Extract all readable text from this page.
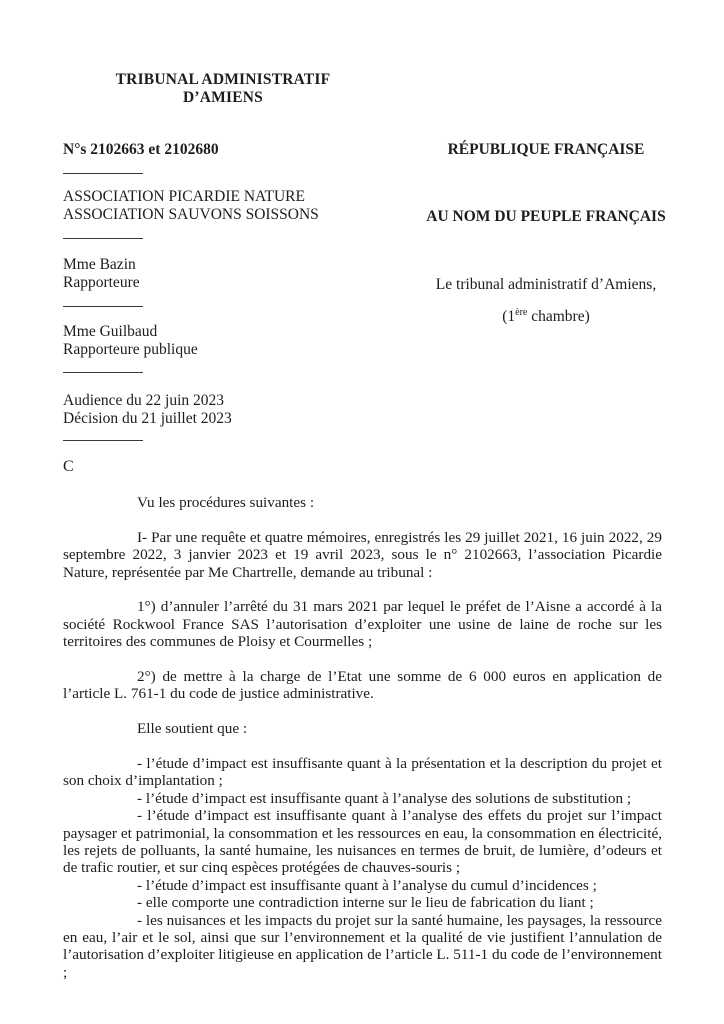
TRIBUNAL ADMINISTRATIF
D’AMIENS
N°s 2102663 et 2102680
ASSOCIATION PICARDIE NATURE
ASSOCIATION SAUVONS SOISSONS
Mme Bazin
Rapporteure
Mme Guilbaud
Rapporteure publique
Audience du 22 juin 2023
Décision du 21 juillet 2023
C
RÉPUBLIQUE FRANÇAISE
AU NOM DU PEUPLE FRANÇAIS
Le tribunal administratif d’Amiens,
(1ère chambre)

Vu les procédures suivantes :

I- Par une requête et quatre mémoires, enregistrés les 29 juillet 2021, 16 juin 2022, 29 septembre 2022, 3 janvier 2023 et 19 avril 2023, sous le n° 2102663, l’association Picardie Nature, représentée par Me Chartrelle, demande au tribunal :

1°) d’annuler l’arrêté du 31 mars 2021 par lequel le préfet de l’Aisne a accordé à la société Rockwool France SAS l’autorisation d’exploiter une usine de laine de roche sur les territoires des communes de Ploisy et Courmelles ;

2°) de mettre à la charge de l’Etat une somme de 6 000 euros en application de l’article L. 761-1 du code de justice administrative.

Elle soutient que :

- l’étude d’impact est insuffisante quant à la présentation et la description du projet et son choix d’implantation ;

- l’étude d’impact est insuffisante quant à l’analyse des solutions de substitution ;

- l’étude d’impact est insuffisante quant à l’analyse des effets du projet sur l’impact paysager et patrimonial, la consommation et les ressources en eau, la consommation en électricité, les rejets de polluants, la santé humaine, les nuisances en termes de bruit, de lumière, d’odeurs et de trafic routier, et sur cinq espèces protégées de chauves-souris ;

- l’étude d’impact est insuffisante quant à l’analyse du cumul d’incidences ;

- elle comporte une contradiction interne sur le lieu de fabrication du liant ;

- les nuisances et les impacts du projet sur la santé humaine, les paysages, la ressource en eau, l’air et le sol, ainsi que sur l’environnement et la qualité de vie justifient l’annulation de l’autorisation d’exploiter litigieuse en application de l’article L. 511-1 du code de l’environnement ;
